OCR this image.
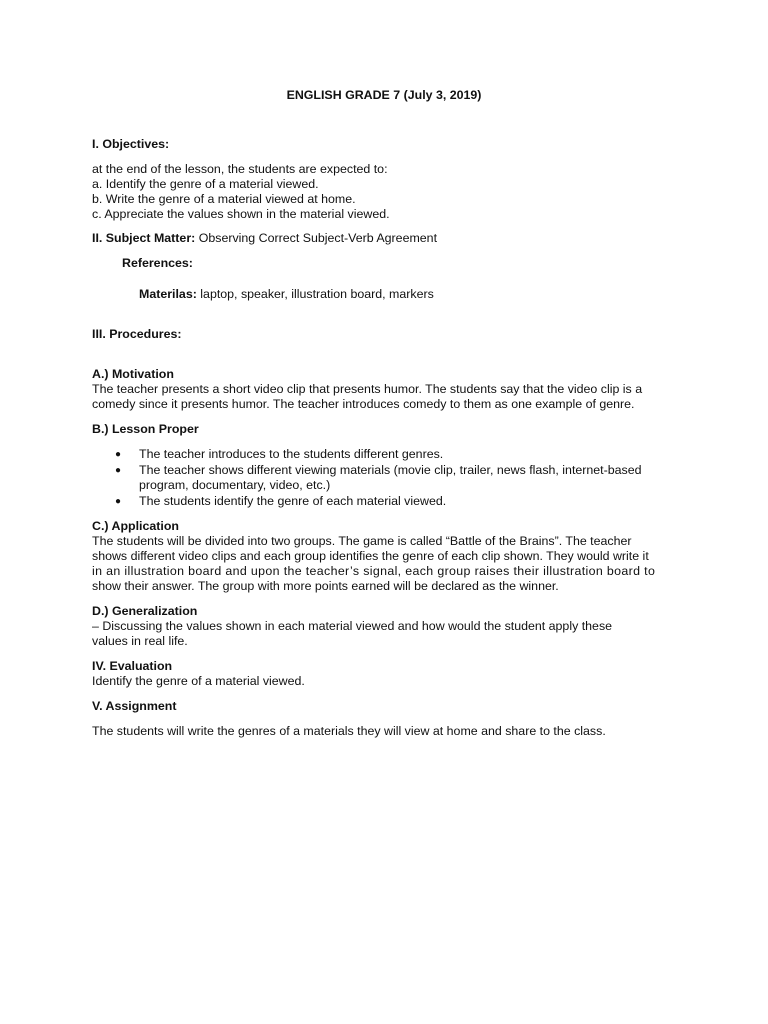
ENGLISH GRADE 7 (July 3, 2019)
I. Objectives:
at the end of the lesson, the students are expected to:
a. Identify the genre of a material viewed.
b. Write the genre of a material viewed at home.
c. Appreciate the values shown in the material viewed.
II. Subject Matter: Observing Correct Subject-Verb Agreement
References:
Materilas: laptop, speaker, illustration board, markers
III. Procedures:
A.) Motivation
The teacher presents a short video clip that presents humor. The students say that the video clip is a
comedy since it presents humor. The teacher introduces comedy to them as one example of genre.
B.) Lesson Proper
● The teacher introduces to the students different genres.
● The teacher shows different viewing materials (movie clip, trailer, news flash, internet-based
program, documentary, video, etc.)
● The students identify the genre of each material viewed.
C.) Application
The students will be divided into two groups. The game is called “Battle of the Brains”. The teacher
shows different video clips and each group identifies the genre of each clip shown. They would write it
in an illustration board and upon the teacher’s signal, each group raises their illustration board to
show their answer. The group with more points earned will be declared as the winner.
D.) Generalization
– Discussing the values shown in each material viewed and how would the student apply these
values in real life.
IV. Evaluation
Identify the genre of a material viewed.
V. Assignment
The students will write the genres of a materials they will view at home and share to the class.
